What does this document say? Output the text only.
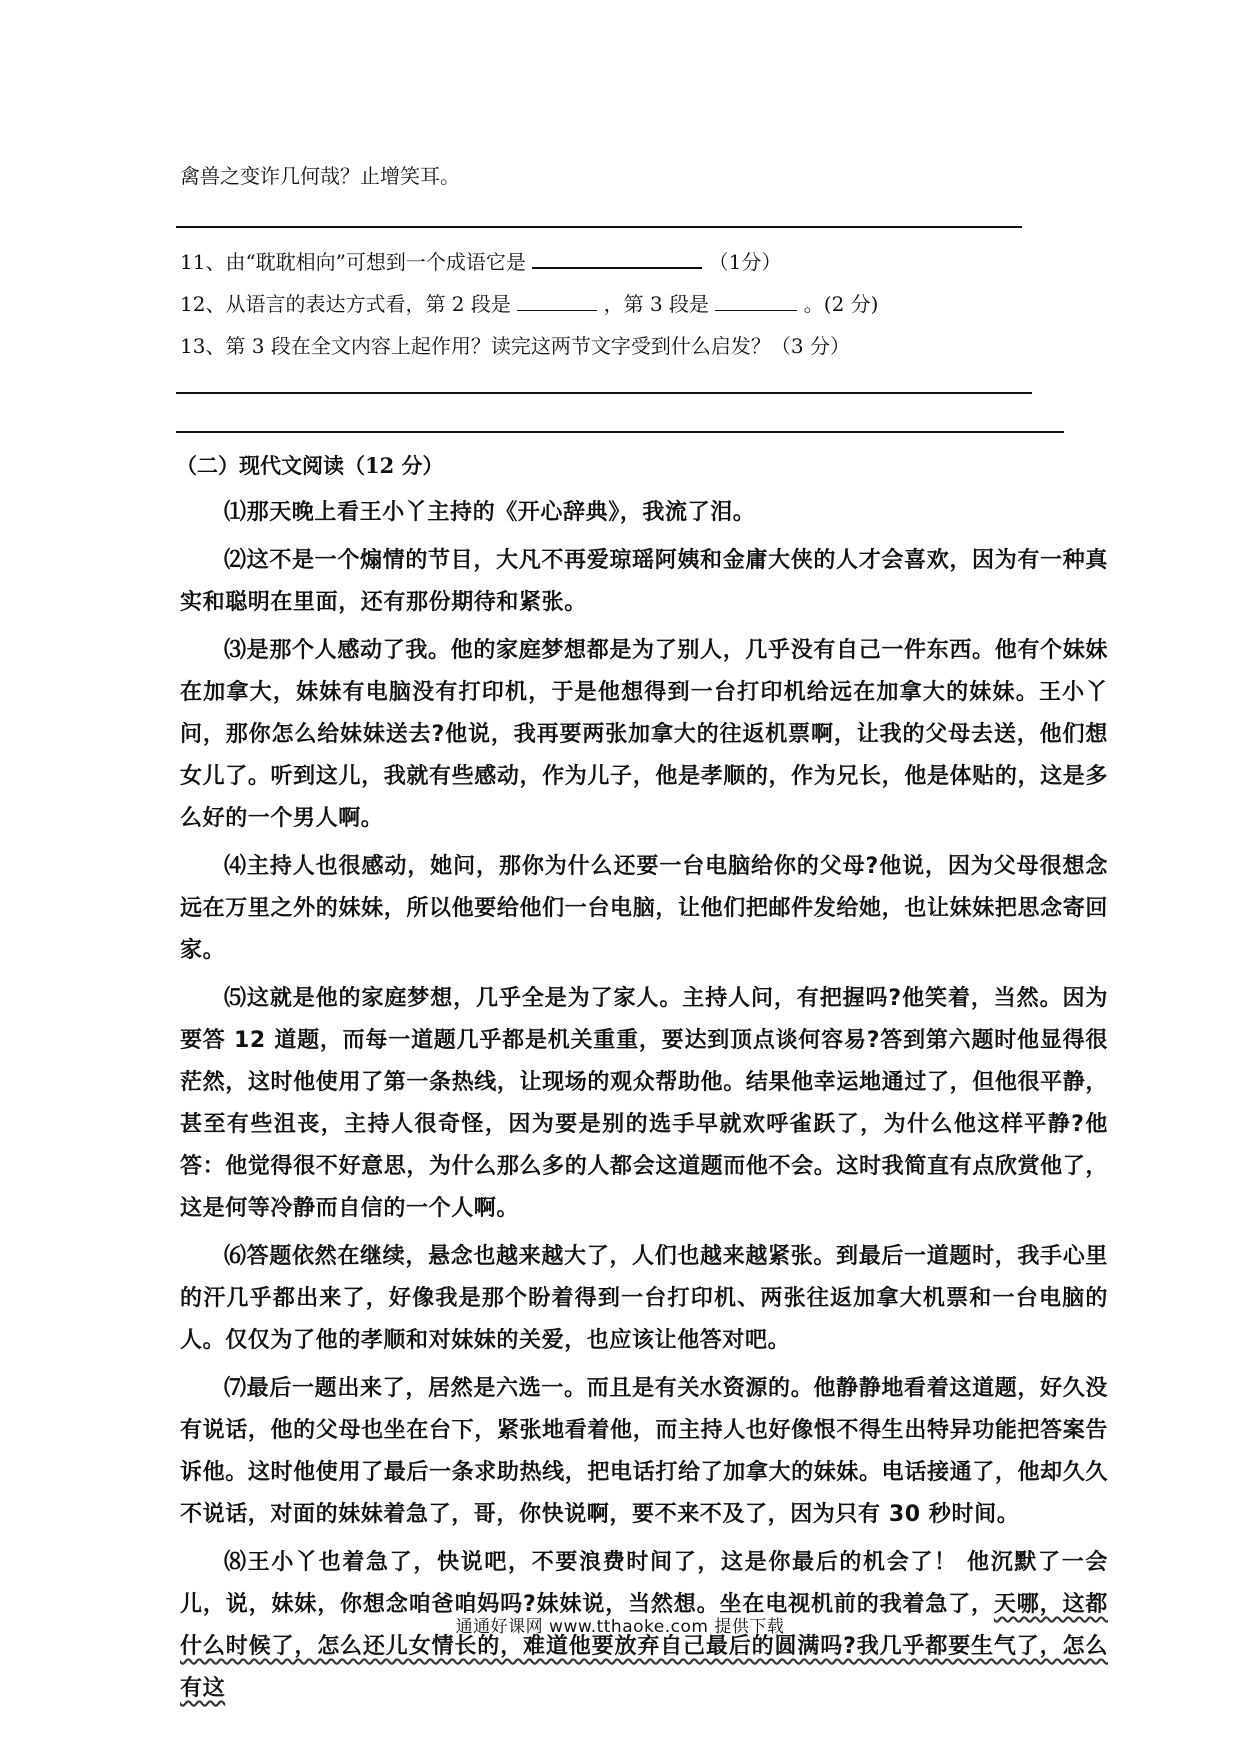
禽兽之变诈几何哉？止增笑耳。
11、由“耽耽相向”可想到一个成语它是	（1分）
12、从语言的表达方式看，第 2 段是	，第 3 段是	。(2 分)
13、第 3 段在全文内容上起作用？读完这两节文字受到什么启发？（3 分）
（二）现代文阅读（12 分）

⑴那天晚上看王小丫主持的《开心辞典》，我流了泪。

⑵这不是一个煽情的节目，大凡不再爱琼瑶阿姨和金庸大侠的人才会喜欢，因为有一种真实和聪明在里面，还有那份期待和紧张。

⑶是那个人感动了我。他的家庭梦想都是为了别人，几乎没有自己一件东西。他有个妹妹在加拿大，妹妹有电脑没有打印机，于是他想得到一台打印机给远在加拿大的妹妹。王小丫问，那你怎么给妹妹送去?他说，我再要两张加拿大的往返机票啊，让我的父母去送，他们想女儿了。听到这儿，我就有些感动，作为儿子，他是孝顺的，作为兄长，他是体贴的，这是多么好的一个男人啊。

⑷主持人也很感动，她问，那你为什么还要一台电脑给你的父母?他说，因为父母很想念远在万里之外的妹妹，所以他要给他们一台电脑，让他们把邮件发给她，也让妹妹把思念寄回家。

⑸这就是他的家庭梦想，几乎全是为了家人。主持人问，有把握吗?他笑着，当然。因为要答 12 道题，而每一道题几乎都是机关重重，要达到顶点谈何容易?答到第六题时他显得很茫然，这时他使用了第一条热线，让现场的观众帮助他。结果他幸运地通过了，但他很平静，甚至有些沮丧，主持人很奇怪，因为要是别的选手早就欢呼雀跃了，为什么他这样平静?他答：他觉得很不好意思，为什么那么多的人都会这道题而他不会。这时我简直有点欣赏他了，这是何等冷静而自信的一个人啊。

⑹答题依然在继续，悬念也越来越大了，人们也越来越紧张。到最后一道题时，我手心里的汗几乎都出来了，好像我是那个盼着得到一台打印机、两张往返加拿大机票和一台电脑的人。仅仅为了他的孝顺和对妹妹的关爱，也应该让他答对吧。

⑺最后一题出来了，居然是六选一。而且是有关水资源的。他静静地看着这道题，好久没有说话，他的父母也坐在台下，紧张地看着他，而主持人也好像恨不得生出特异功能把答案告诉他。这时他使用了最后一条求助热线，把电话打给了加拿大的妹妹。电话接通了，他却久久不说话，对面的妹妹着急了，哥，你快说啊，要不来不及了，因为只有 30 秒时间。

⑻王小丫也着急了，快说吧，不要浪费时间了，这是你最后的机会了！ 他沉默了一会儿，说，妹妹，你想念咱爸咱妈吗?妹妹说，当然想。坐在电视机前的我着急了，天哪，这都什么时候了，怎么还儿女情长的，难道他要放弃自己最后的圆满吗?我几乎都要生气了，怎么有这

通通好课网 www.tthaoke.com 提供下载
